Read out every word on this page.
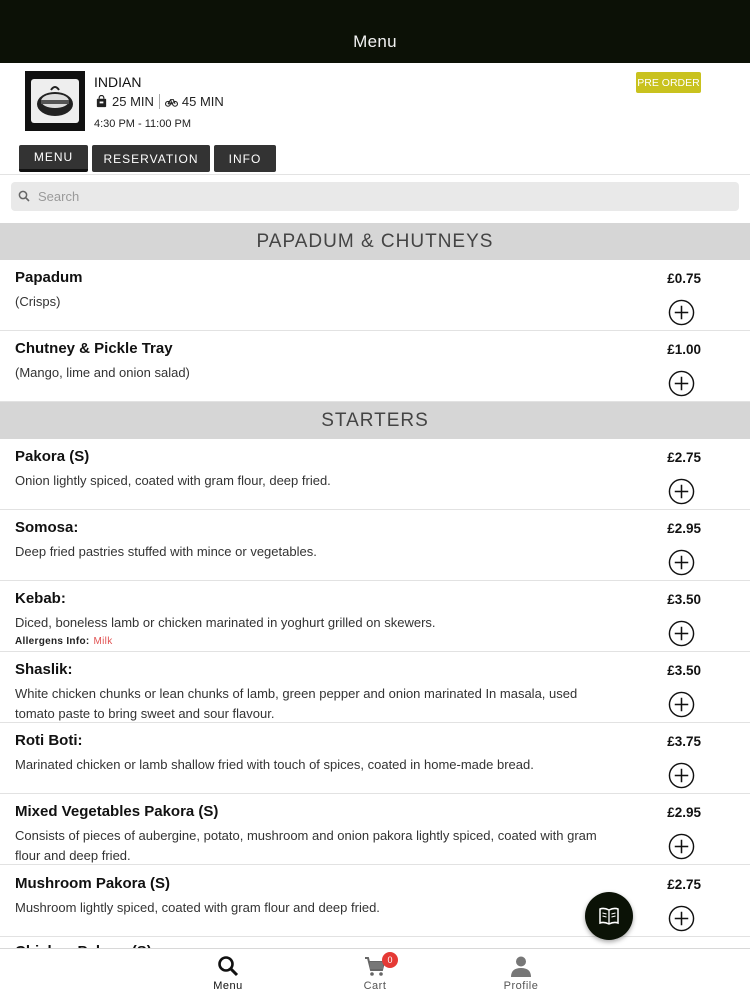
Menu
INDIAN
25 MIN 45 MIN
4:30 PM - 11:00 PM
PRE ORDER
MENU	RESERVATION	INFO
Search
PAPADUM & CHUTNEYS
Papadum
(Crisps)
£0.75
Chutney & Pickle Tray
(Mango, lime and onion salad)
£1.00
STARTERS
Pakora (S)
Onion lightly spiced, coated with gram flour, deep fried.
£2.75
Somosa:
Deep fried pastries stuffed with mince or vegetables.
£2.95
Kebab:
Diced, boneless lamb or chicken marinated in yoghurt grilled on skewers.
Allergens Info: Milk
£3.50
Shaslik:
White chicken chunks or lean chunks of lamb, green pepper and onion marinated In masala, used tomato paste to bring sweet and sour flavour.
£3.50
Roti Boti:
Marinated chicken or lamb shallow fried with touch of spices, coated in home-made bread.
£3.75
Mixed Vegetables Pakora (S)
Consists of pieces of aubergine, potato, mushroom and onion pakora lightly spiced, coated with gram flour and deep fried.
£2.95
Mushroom Pakora (S)
Mushroom lightly spiced, coated with gram flour and deep fried.
£2.75
Menu
0
Cart	Profile
